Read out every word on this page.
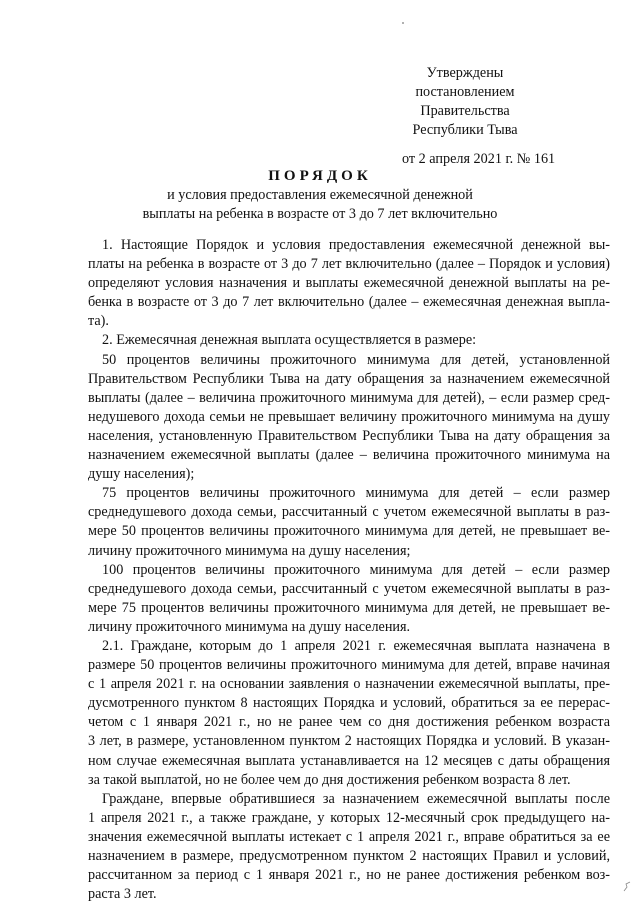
Утверждены
постановлением Правительства
Республики Тыва
от 2 апреля 2021 г. № 161
ПОРЯДОК
и условия предоставления ежемесячной денежной
выплаты на ребенка в возрасте от 3 до 7 лет включительно
1. Настоящие Порядок и условия предоставления ежемесячной денежной вы-
платы на ребенка в возрасте от 3 до 7 лет включительно (далее – Порядок и условия)
определяют условия назначения и выплаты ежемесячной денежной выплаты на ре-
бенка в возрасте от 3 до 7 лет включительно (далее – ежемесячная денежная выпла-
та).
2. Ежемесячная денежная выплата осуществляется в размере:
50 процентов величины прожиточного минимума для детей, установленной
Правительством Республики Тыва на дату обращения за назначением ежемесячной
выплаты (далее – величина прожиточного минимума для детей), – если размер сред-
недушевого дохода семьи не превышает величину прожиточного минимума на душу
населения, установленную Правительством Республики Тыва на дату обращения за
назначением ежемесячной выплаты (далее – величина прожиточного минимума на
душу населения);
75 процентов величины прожиточного минимума для детей – если размер
среднедушевого дохода семьи, рассчитанный с учетом ежемесячной выплаты в раз-
мере 50 процентов величины прожиточного минимума для детей, не превышает ве-
личину прожиточного минимума на душу населения;
100 процентов величины прожиточного минимума для детей – если размер
среднедушевого дохода семьи, рассчитанный с учетом ежемесячной выплаты в раз-
мере 75 процентов величины прожиточного минимума для детей, не превышает ве-
личину прожиточного минимума на душу населения.
2.1. Граждане, которым до 1 апреля 2021 г. ежемесячная выплата назначена в
размере 50 процентов величины прожиточного минимума для детей, вправе начиная
с 1 апреля 2021 г. на основании заявления о назначении ежемесячной выплаты, пре-
дусмотренного пунктом 8 настоящих Порядка и условий, обратиться за ее перерас-
четом с 1 января 2021 г., но не ранее чем со дня достижения ребенком возраста
3 лет, в размере, установленном пунктом 2 настоящих Порядка и условий. В указан-
ном случае ежемесячная выплата устанавливается на 12 месяцев с даты обращения
за такой выплатой, но не более чем до дня достижения ребенком возраста 8 лет.
Граждане, впервые обратившиеся за назначением ежемесячной выплаты после
1 апреля 2021 г., а также граждане, у которых 12-месячный срок предыдущего на-
значения ежемесячной выплаты истекает с 1 апреля 2021 г., вправе обратиться за ее
назначением в размере, предусмотренном пунктом 2 настоящих Правил и условий,
рассчитанном за период с 1 января 2021 г., но не ранее достижения ребенком воз-
раста 3 лет.
